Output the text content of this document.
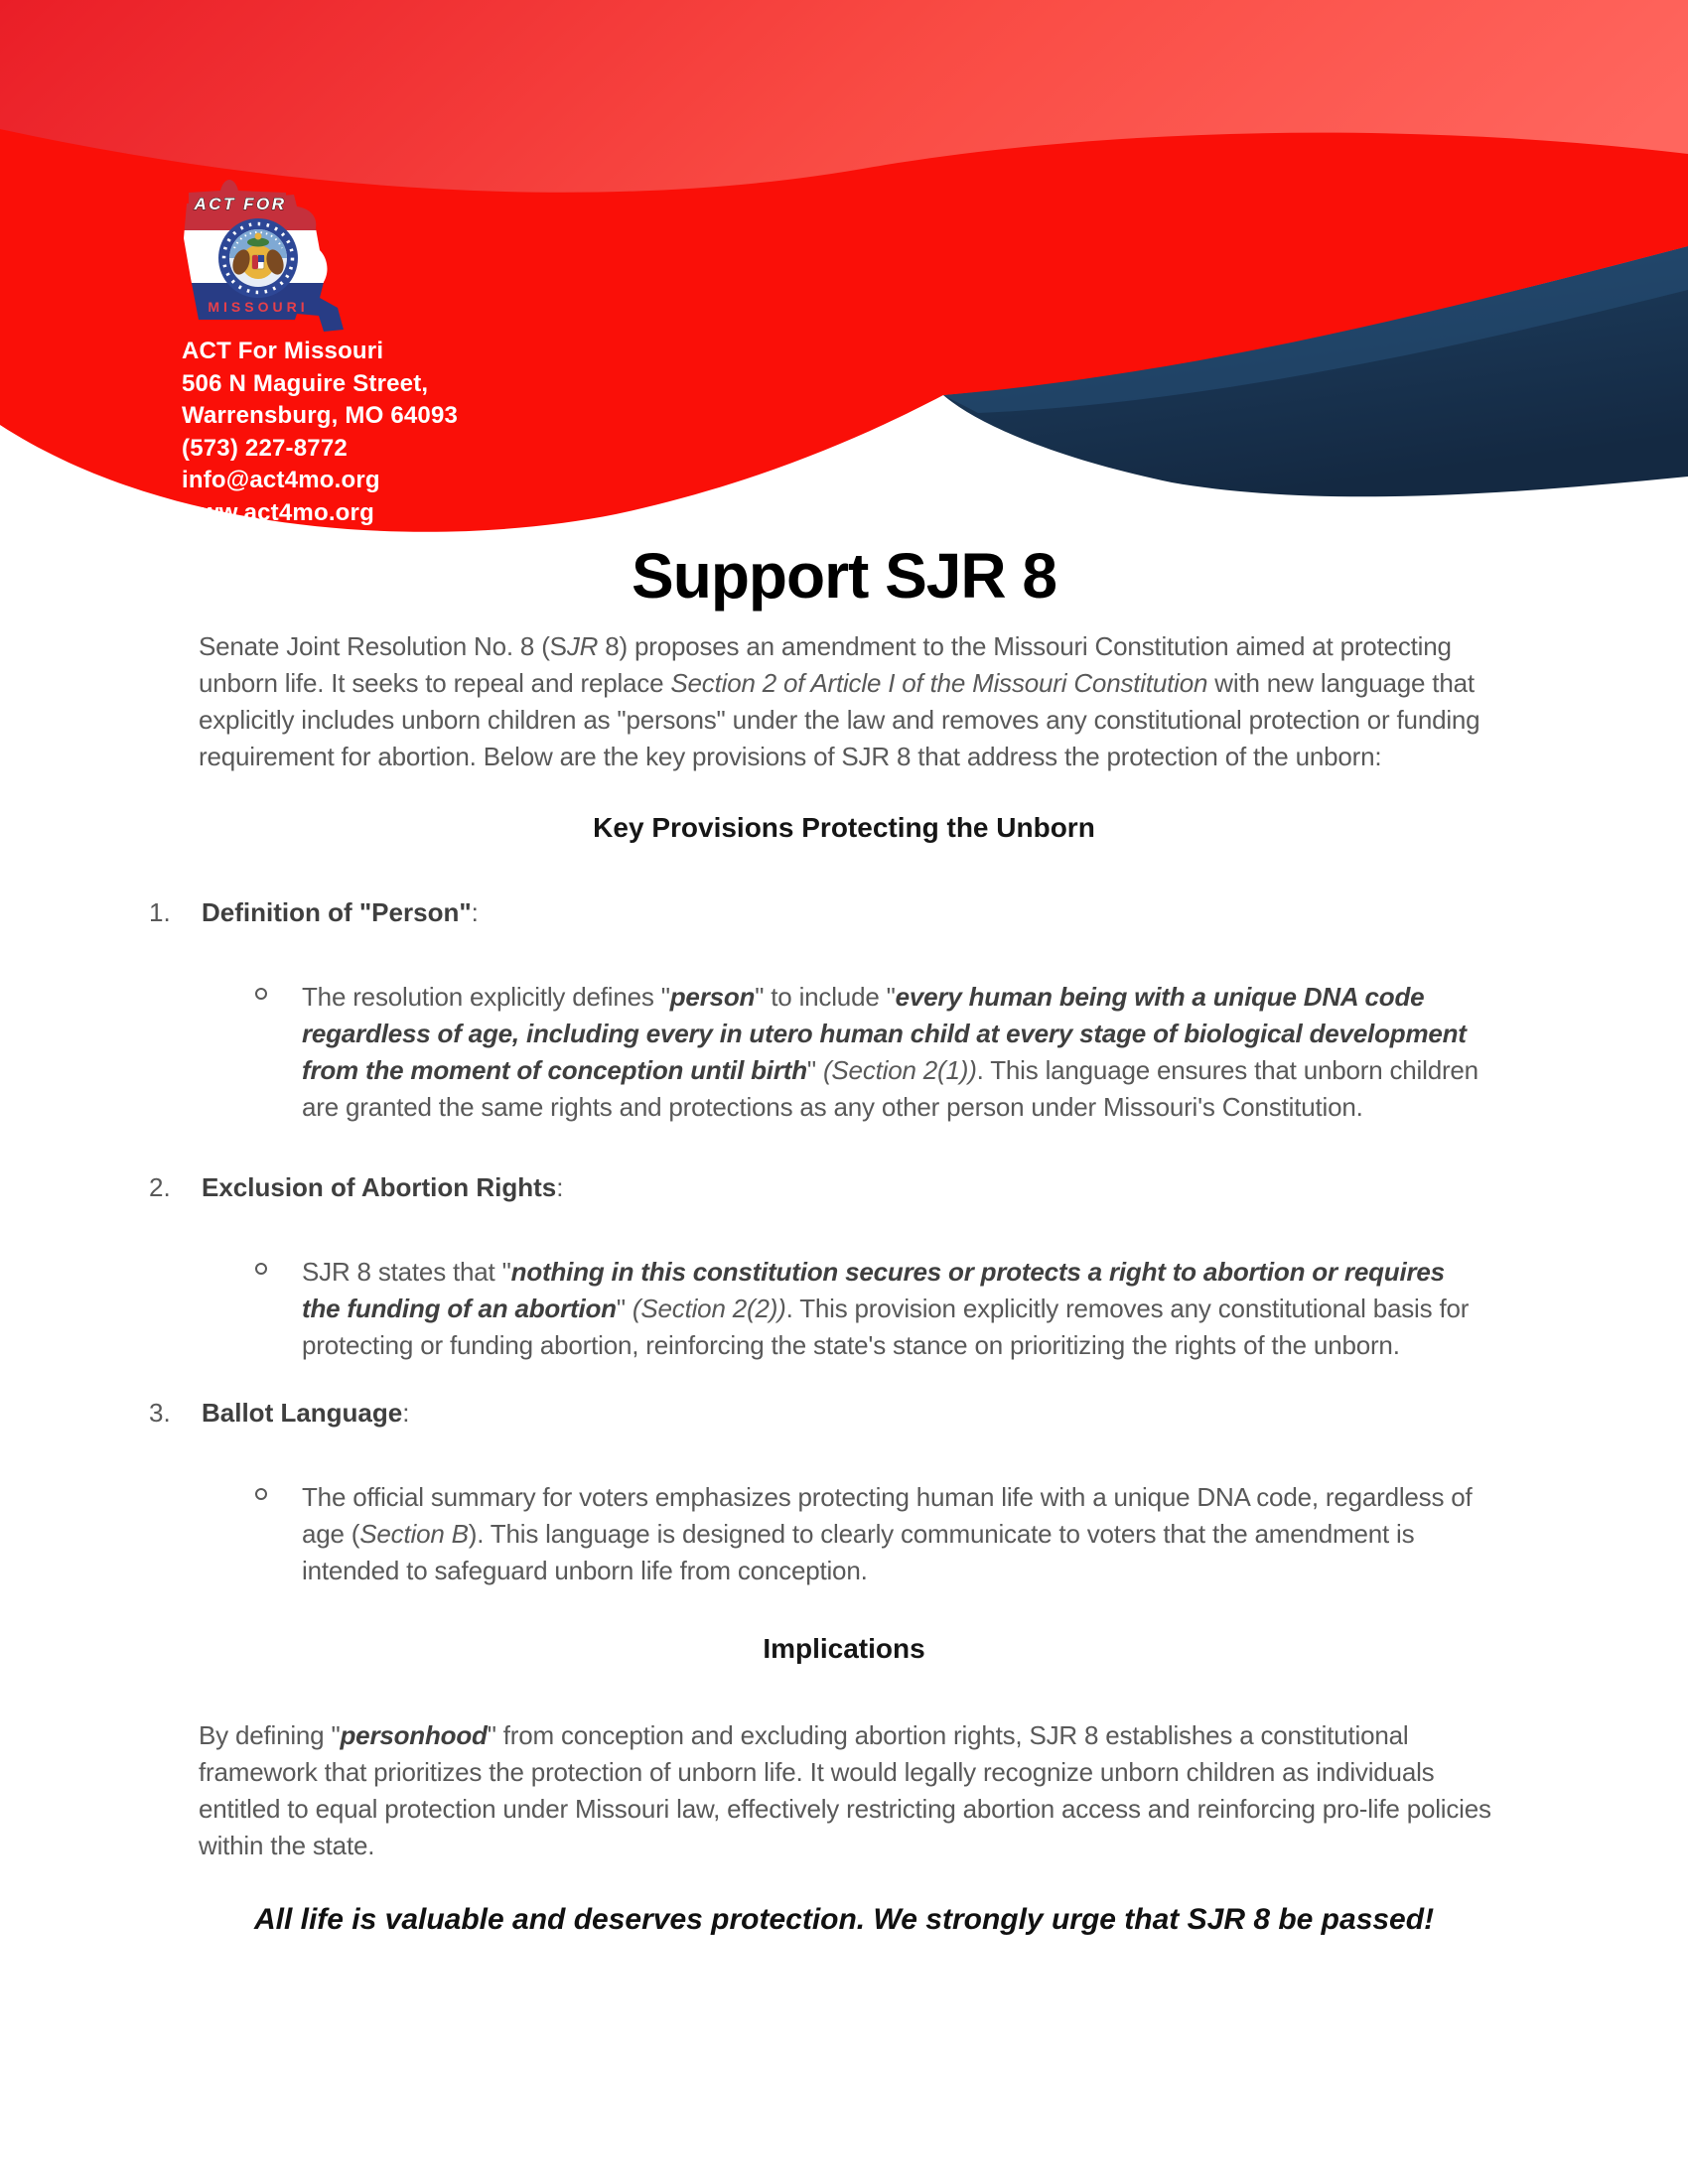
ACT FOR
MISSOURI
ACT For Missouri
506 N Maguire Street,
Warrensburg, MO 64093
(573) 227-8772
info@act4mo.org
www.act4mo.org
Support SJR 8
Senate Joint Resolution No. 8 (SJR 8) proposes an amendment to the Missouri Constitution aimed at protecting unborn life. It seeks to repeal and replace Section 2 of Article I of the Missouri Constitution with new language that explicitly includes unborn children as "persons" under the law and removes any constitutional protection or funding requirement for abortion. Below are the key provisions of SJR 8 that address the protection of the unborn:
Key Provisions Protecting the Unborn
1. Definition of "Person":
The resolution explicitly defines "person" to include "every human being with a unique DNA code regardless of age, including every in utero human child at every stage of biological development from the moment of conception until birth" (Section 2(1)). This language ensures that unborn children are granted the same rights and protections as any other person under Missouri's Constitution.
2. Exclusion of Abortion Rights:
SJR 8 states that "nothing in this constitution secures or protects a right to abortion or requires the funding of an abortion" (Section 2(2)). This provision explicitly removes any constitutional basis for protecting or funding abortion, reinforcing the state's stance on prioritizing the rights of the unborn.
3. Ballot Language:
The official summary for voters emphasizes protecting human life with a unique DNA code, regardless of age (Section B). This language is designed to clearly communicate to voters that the amendment is intended to safeguard unborn life from conception.
Implications
By defining "personhood" from conception and excluding abortion rights, SJR 8 establishes a constitutional framework that prioritizes the protection of unborn life. It would legally recognize unborn children as individuals entitled to equal protection under Missouri law, effectively restricting abortion access and reinforcing pro-life policies within the state.
All life is valuable and deserves protection. We strongly urge that SJR 8 be passed!
